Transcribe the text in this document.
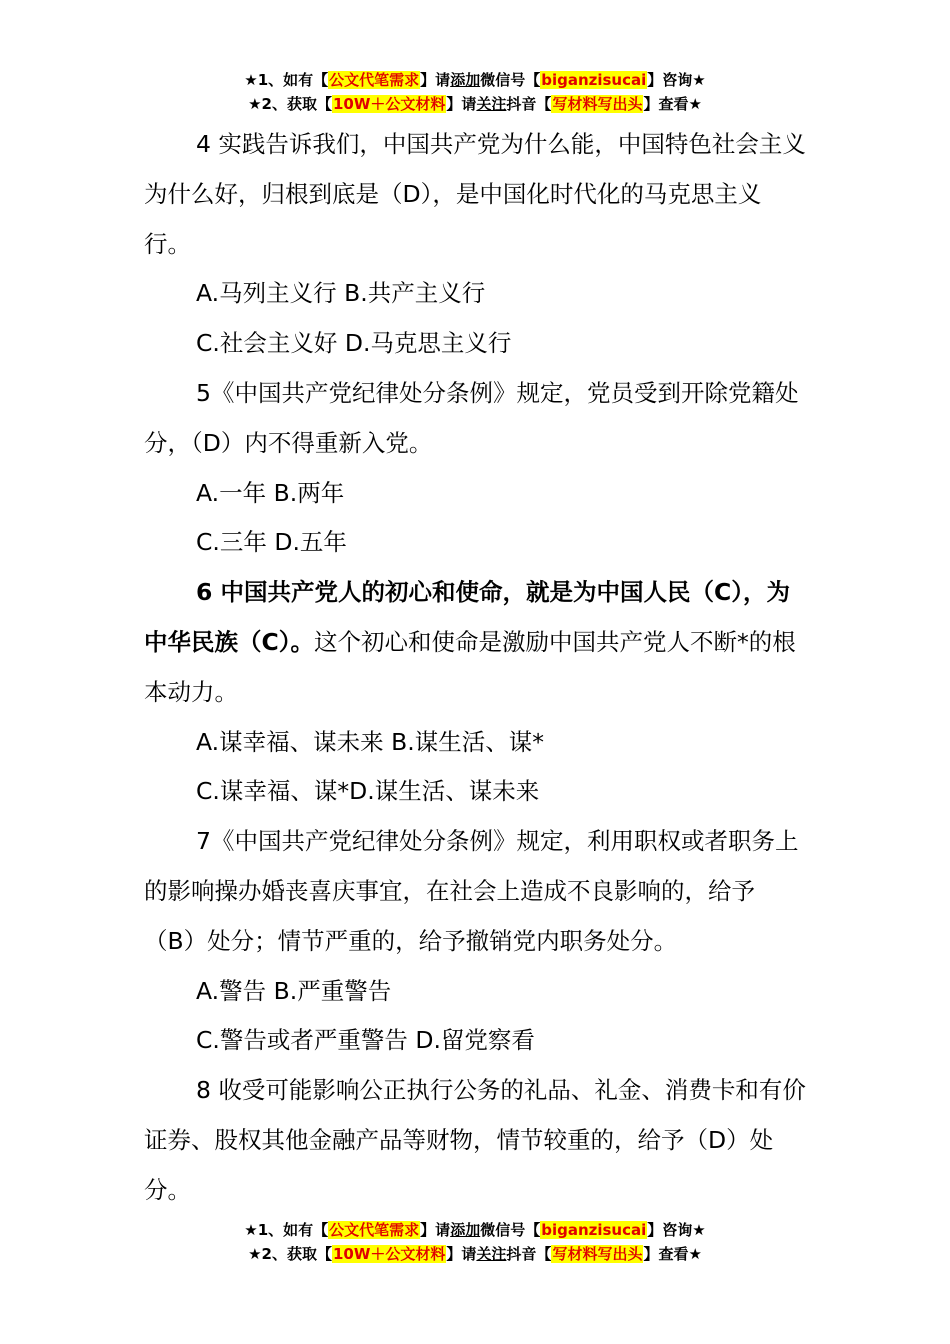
★1、如有【公文代笔需求】请添加微信号【biganzisucai】咨询★
★2、获取【10W＋公文材料】请关注抖音【写材料写出头】查看★

4 实践告诉我们，中国共产党为什么能，中国特色社会主义为什么好，归根到底是（D），是中国化时代化的马克思主义行。

A.马列主义行 B.共产主义行

C.社会主义好 D.马克思主义行

5《中国共产党纪律处分条例》规定，党员受到开除党籍处分，（D）内不得重新入党。

A.一年 B.两年

C.三年 D.五年

6 中国共产党人的初心和使命，就是为中国人民（C），为中华民族（C）。这个初心和使命是激励中国共产党人不断*的根本动力。

A.谋幸福、谋未来 B.谋生活、谋*

C.谋幸福、谋*D.谋生活、谋未来

7《中国共产党纪律处分条例》规定，利用职权或者职务上的影响操办婚丧喜庆事宜，在社会上造成不良影响的，给予（B）处分；情节严重的，给予撤销党内职务处分。

A.警告 B.严重警告

C.警告或者严重警告 D.留党察看

8 收受可能影响公正执行公务的礼品、礼金、消费卡和有价证券、股权其他金融产品等财物，情节较重的，给予（D）处分。

★1、如有【公文代笔需求】请添加微信号【biganzisucai】咨询★
★2、获取【10W＋公文材料】请关注抖音【写材料写出头】查看★
